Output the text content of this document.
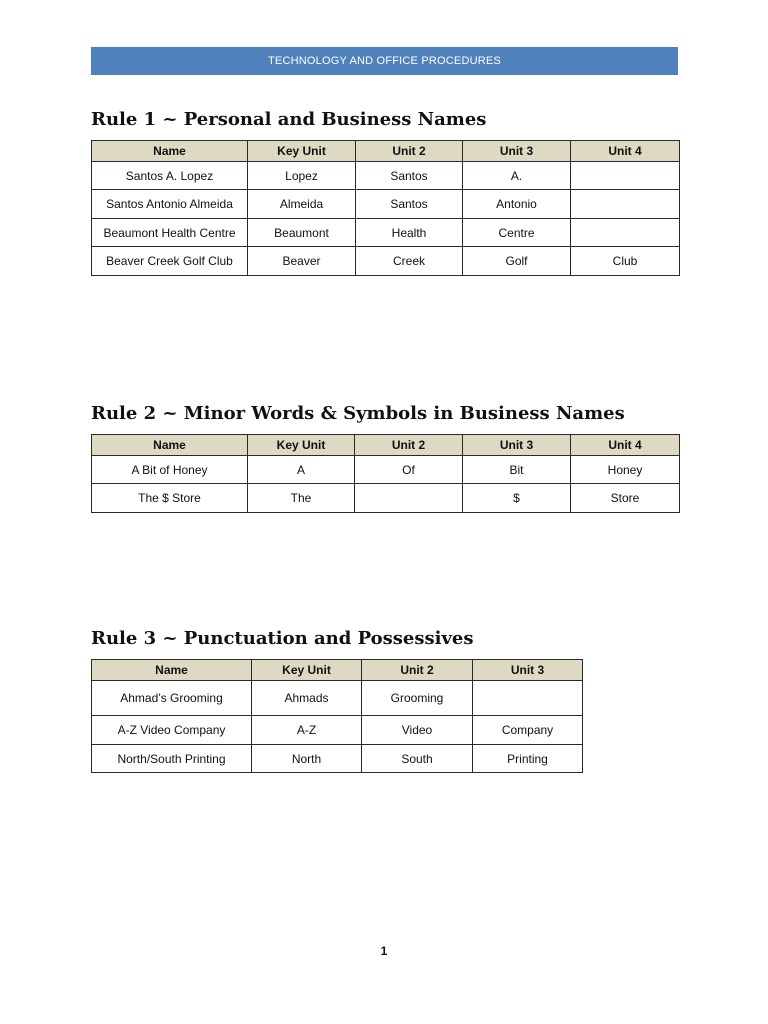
TECHNOLOGY AND OFFICE PROCEDURES
Rule 1 ~ Personal and Business Names
Name	Key Unit	Unit 2	Unit 3	Unit 4
Santos A. Lopez	Lopez	Santos	A.	
Santos Antonio Almeida	Almeida	Santos	Antonio	
Beaumont Health Centre	Beaumont	Health	Centre	
Beaver Creek Golf Club	Beaver	Creek	Golf	Club
Rule 2 ~ Minor Words & Symbols in Business Names
Name	Key Unit	Unit 2	Unit 3	Unit 4
A Bit of Honey	A	Of	Bit	Honey
The $ Store	The		$	Store
Rule 3 ~ Punctuation and Possessives
Name	Key Unit	Unit 2	Unit 3
Ahmad’s Grooming	Ahmads	Grooming	
A-Z Video Company	A-Z	Video	Company
North/South Printing	North	South	Printing
1
